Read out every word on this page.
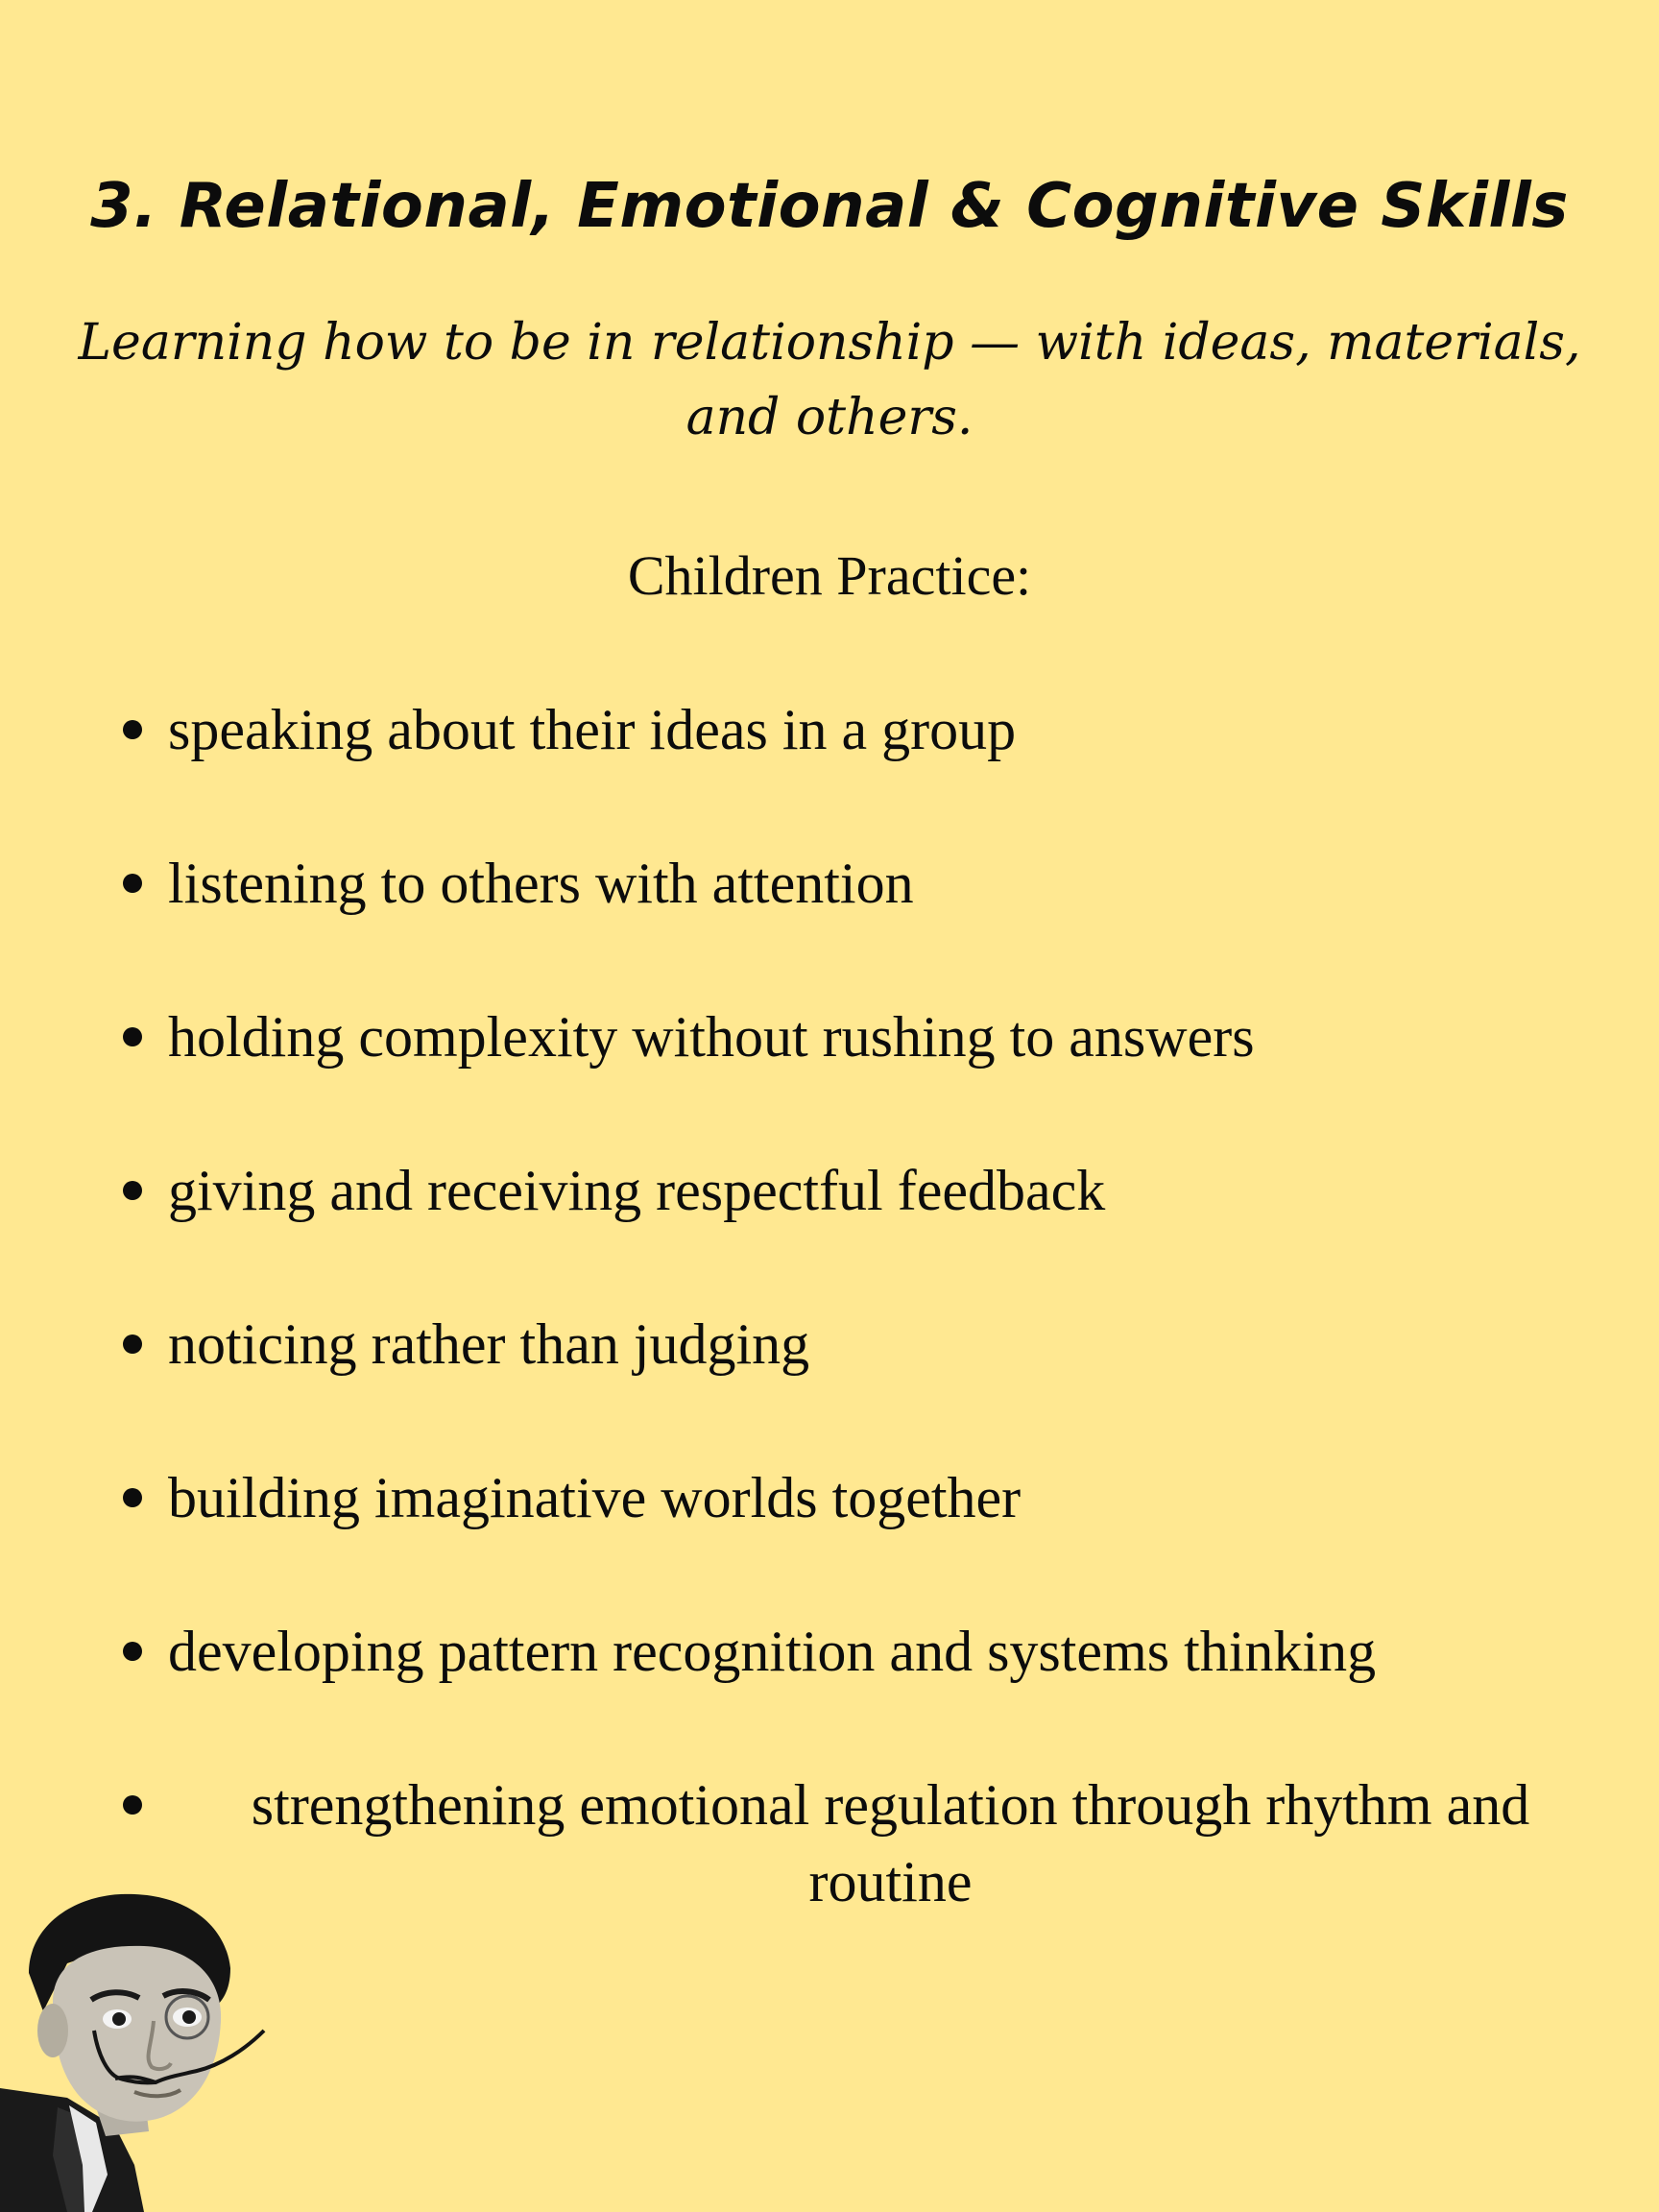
3. Relational, Emotional & Cognitive Skills

Learning how to be in relationship — with ideas, materials, and others.

Children Practice:

speaking about their ideas in a group
listening to others with attention
holding complexity without rushing to answers
giving and receiving respectful feedback
noticing rather than judging
building imaginative worlds together
developing pattern recognition and systems thinking
strengthening emotional regulation through rhythm and routine
